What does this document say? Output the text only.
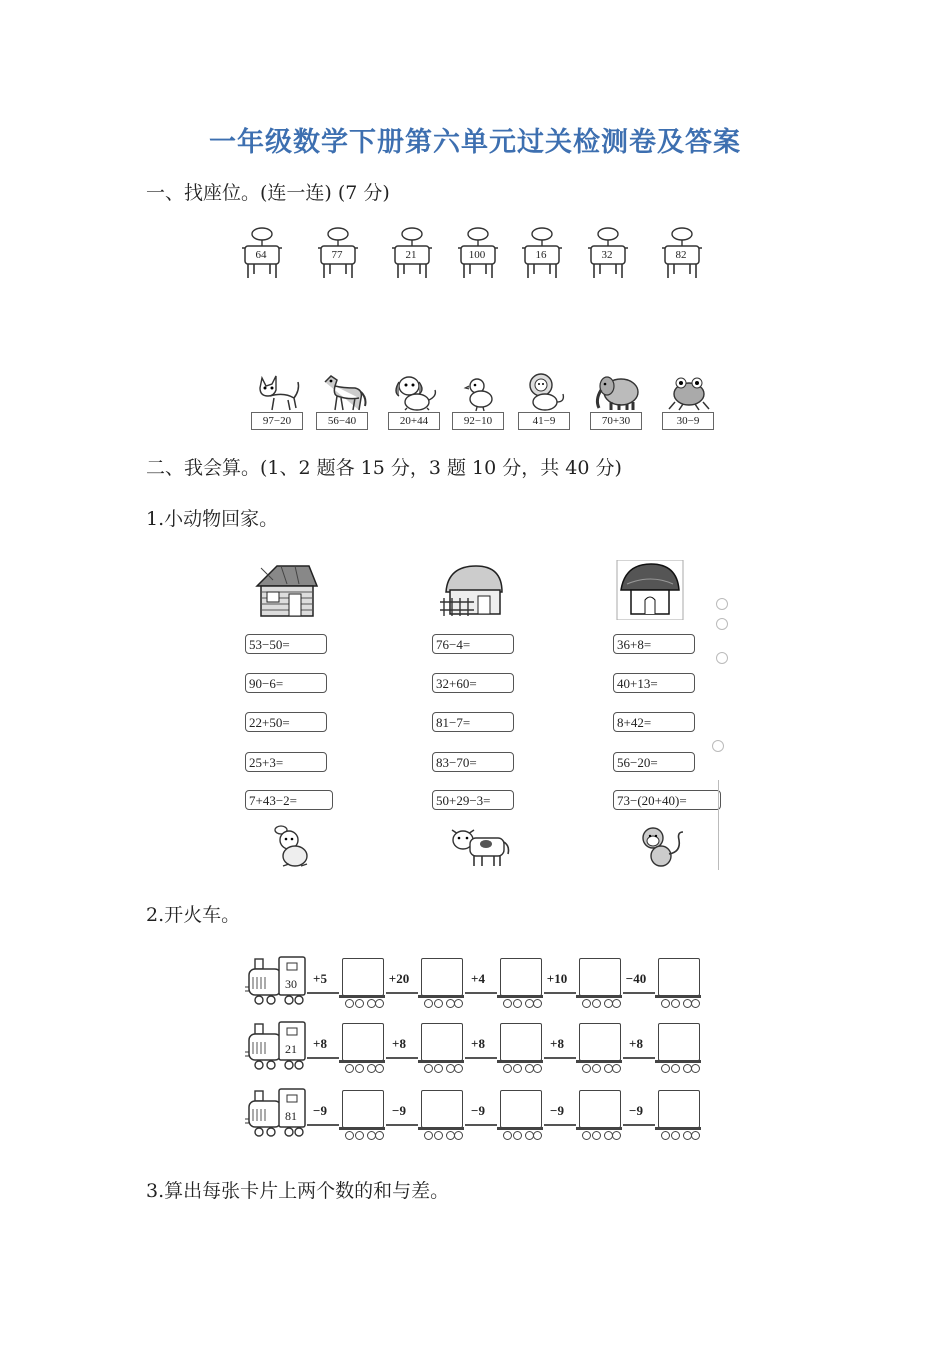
一年级数学下册第六单元过关检测卷及答案
一、找座位。(连一连) (7 分)
64	77	21	100	16	32	82
97−20	56−40	20+44	92−10	41−9	70+30	30−9
二、我会算。(1、2 题各 15 分，3 题 10 分，共 40 分)
1.小动物回家。
53−50=
90−6=
22+50=
25+3=
7+43−2=
76−4=
32+60=
81−7=
83−70=
50+29−3=
36+8=
40+13=
8+42=
56−20=
73−(20+40)=
2.开火车。
30	+5	+20	+4	+10	−40
21	+8	+8	+8	+8	+8
81	−9	−9	−9	−9	−9
3.算出每张卡片上两个数的和与差。
